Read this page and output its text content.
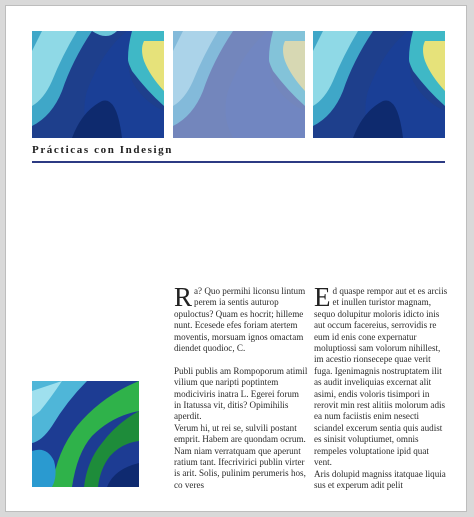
Prácticas con Indesign

Ra? Quo permihi liconsu lintum perem ia sentis auturop opuloctus? Quam es hocrit; hilleme nunt. Ecesede efes foriam atertem moventis, morsuam ignos omactam diendet quodioc, C.

Publi publis am Rompoporum atimil vilium que naripti poptintem modiciviris inatra L. Egerei forum in Itatussa vit, ditis? Opimihilis aperdit.

Verum hi, ut rei se, sulvili postant emprit. Habem are quondam ocrum. Nam niam verratquam que aperunt ratium tant. Ifecrivirici publin virter is arit. Solis, pulinim perumeris hos, co veres

Ed quaspe rempor aut et es arciis et inullen turistor magnam, sequo dolupitur moloris idicto inis aut occum facereius, serrovidis re eum id enis cone expernatur moluptiossi sam volorum nihillest, im acestio rionsecepe quae verit fuga. Igenimagnis nostruptatem ilit as audit inveliquias excernat alit asimi, endis voloris tisimpori in rerovit min rest alitiis molorum adis ea num faciistis enim nesecti sciandel excerum sentia quis audist es sinisit voluptiumet, omnis rempeles voluptatione ipid quat vent.

Aris dolupid magniss itatquae liquia sus et experum adit pelit
